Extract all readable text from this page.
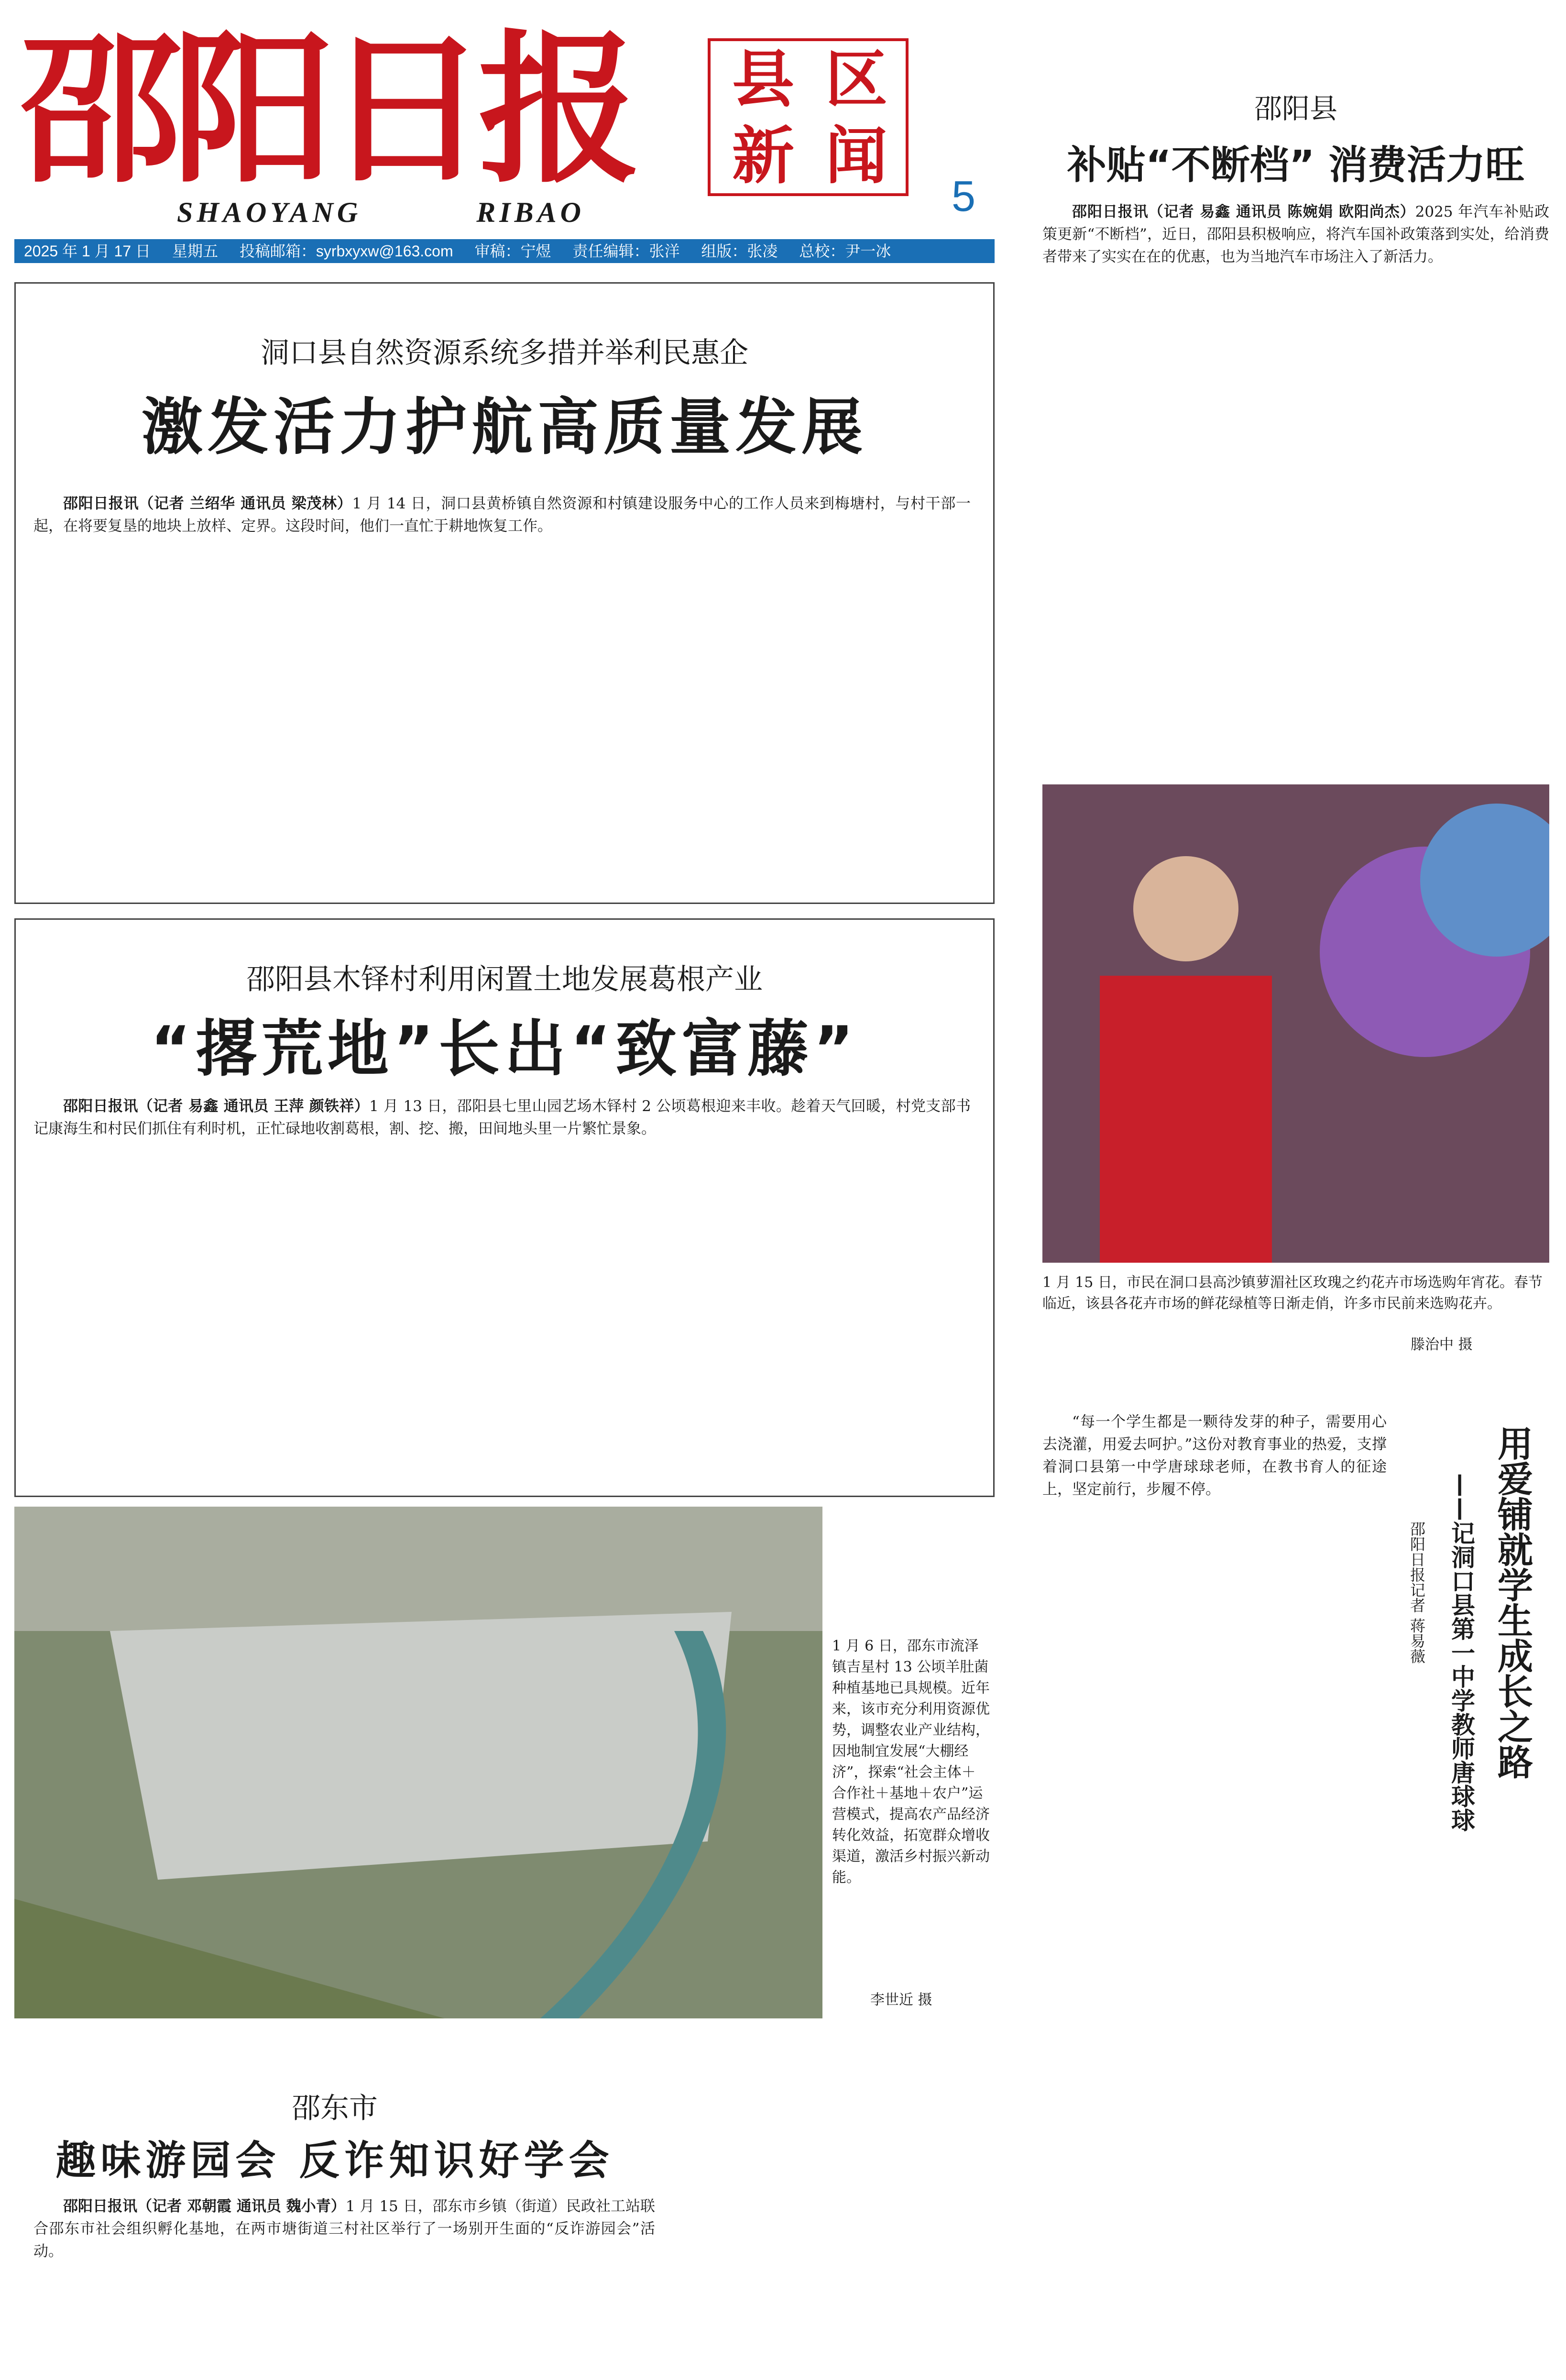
邵阳日报
SHAOYANG	RIBAO
县 区
新 闻
5
2025 年 1 月 17 日 星期五 投稿邮箱：syrbxyxw@163.com 审稿：宁煜 责任编辑：张洋 组版：张凌 总校：尹一冰
洞口县自然资源系统多措并举利民惠企
激发活力护航高质量发展

邵阳日报讯（记者 兰绍华 通讯员 梁茂林）1 月 14 日，洞口县黄桥镇自然资源和村镇建设服务中心的工作人员来到梅塘村，与村干部一起，在将要复垦的地块上放样、定界。这段时间，他们一直忙于耕地恢复工作。

邵阳县木铎村利用闲置土地发展葛根产业
“撂荒地”长出“致富藤”

邵阳日报讯（记者 易鑫 通讯员 王萍 颜铁祥）1 月 13 日，邵阳县七里山园艺场木铎村 2 公顷葛根迎来丰收。趁着天气回暖，村党支部书记康海生和村民们抓住有利时机，正忙碌地收割葛根，割、挖、搬，田间地头里一片繁忙景象。

1 月 6 日，邵东市流泽镇吉星村 13 公顷羊肚菌种植基地已具规模。近年来，该市充分利用资源优势，调整农业产业结构，因地制宜发展“大棚经济”，探索“社会主体＋合作社＋基地＋农户”运营模式，提高农产品经济转化效益，拓宽群众增收渠道，激活乡村振兴新动能。
李世近 摄
邵东市
趣味游园会 反诈知识好学会

邵阳日报讯（记者 邓朝霞 通讯员 魏小青）1 月 15 日，邵东市乡镇（街道）民政社工站联合邵东市社会组织孵化基地，在两市塘街道三村社区举行了一场别开生面的“反诈游园会”活动。

邵阳县
补贴“不断档” 消费活力旺

邵阳日报讯（记者 易鑫 通讯员 陈婉娟 欧阳尚杰）2025 年汽车补贴政策更新“不断档”，近日，邵阳县积极响应，将汽车国补政策落到实处，给消费者带来了实实在在的优惠，也为当地汽车市场注入了新活力。

1 月 15 日，市民在洞口县高沙镇萝湄社区玫瑰之约花卉市场选购年宵花。春节临近，该县各花卉市场的鲜花绿植等日渐走俏，许多市民前来选购花卉。
滕治中 摄
用爱铺就学生成长之路
——记洞口县第一中学教师唐球球
邵阳日报记者 蒋易薇

“每一个学生都是一颗待发芽的种子，需要用心去浇灌，用爱去呵护。”这份对教育事业的热爱，支撑着洞口县第一中学唐球球老师，在教书育人的征途上，坚定前行，步履不停。
